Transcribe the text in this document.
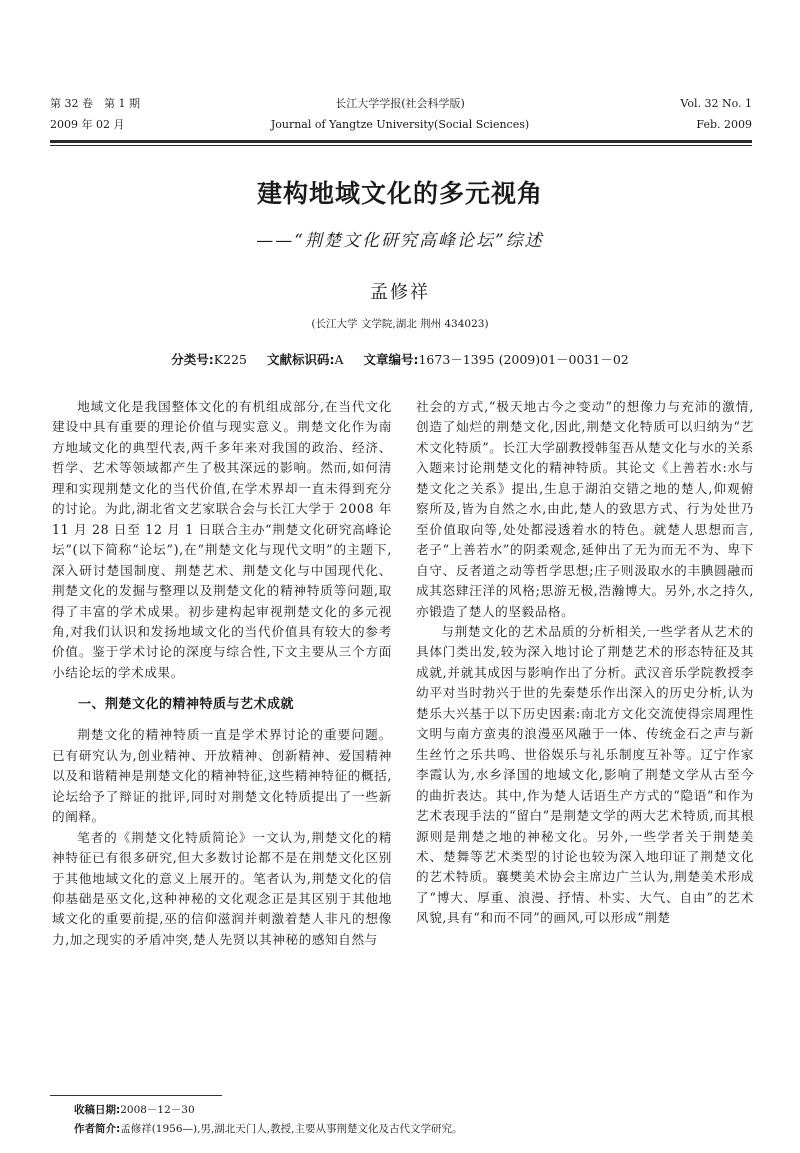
第 32 卷　第 1 期
2009 年 02 月
长江大学学报(社会科学版)
Journal of Yangtze University(Social Sciences)
Vol. 32 No. 1
Feb. 2009
建构地域文化的多元视角
——“荆楚文化研究高峰论坛”综述
孟修祥
(长江大学 文学院,湖北 荆州 434023)
分类号:K225 文献标识码:A 文章编号:1673－1395 (2009)01－0031－02

地域文化是我国整体文化的有机组成部分,在当代文化建设中具有重要的理论价值与现实意义。荆楚文化作为南方地域文化的典型代表,两千多年来对我国的政治、经济、哲学、艺术等领域都产生了极其深远的影响。然而,如何清理和实现荆楚文化的当代价值,在学术界却一直未得到充分的讨论。为此,湖北省文艺家联合会与长江大学于 2008 年 11 月 28 日至 12 月 1 日联合主办“荆楚文化研究高峰论坛”(以下简称“论坛”),在“荆楚文化与现代文明”的主题下,深入研讨楚国制度、荆楚艺术、荆楚文化与中国现代化、荆楚文化的发掘与整理以及荆楚文化的精神特质等问题,取得了丰富的学术成果。初步建构起审视荆楚文化的多元视角,对我们认识和发扬地域文化的当代价值具有较大的参考价值。鉴于学术讨论的深度与综合性,下文主要从三个方面小结论坛的学术成果。

一、荆楚文化的精神特质与艺术成就

荆楚文化的精神特质一直是学术界讨论的重要问题。已有研究认为,创业精神、开放精神、创新精神、爱国精神以及和谐精神是荆楚文化的精神特征,这些精神特征的概括,论坛给予了辩证的批评,同时对荆楚文化特质提出了一些新的阐释。

笔者的《荆楚文化特质简论》一文认为,荆楚文化的精神特征已有很多研究,但大多数讨论都不是在荆楚文化区别于其他地域文化的意义上展开的。笔者认为,荆楚文化的信仰基础是巫文化,这种神秘的文化观念正是其区别于其他地域文化的重要前提,巫的信仰滋润并刺激着楚人非凡的想像力,加之现实的矛盾冲突,楚人先贤以其神秘的感知自然与

社会的方式,“极天地古今之变动”的想像力与充沛的激情,创造了灿烂的荆楚文化,因此,荆楚文化特质可以归纳为“艺术文化特质”。长江大学副教授韩玺吾从楚文化与水的关系入题来讨论荆楚文化的精神特质。其论文《上善若水:水与楚文化之关系》提出,生息于湖泊交错之地的楚人,仰观俯察所及,皆为自然之水,由此,楚人的致思方式、行为处世乃至价值取向等,处处都浸透着水的特色。就楚人思想而言,老子“上善若水”的阴柔观念,延伸出了无为而无不为、卑下自守、反者道之动等哲学思想;庄子则汲取水的丰腆圆融而成其恣肆汪洋的风格;思游无极,浩瀚博大。另外,水之持久,亦锻造了楚人的坚毅品格。

与荆楚文化的艺术品质的分析相关,一些学者从艺术的具体门类出发,较为深入地讨论了荆楚艺术的形态特征及其成就,并就其成因与影响作出了分析。武汉音乐学院教授李幼平对当时勃兴于世的先秦楚乐作出深入的历史分析,认为楚乐大兴基于以下历史因素:南北方文化交流使得宗周理性文明与南方蛮夷的浪漫巫风融于一体、传统金石之声与新生丝竹之乐共鸣、世俗娱乐与礼乐制度互补等。辽宁作家李霞认为,水乡泽国的地域文化,影响了荆楚文学从古至今的曲折表达。其中,作为楚人话语生产方式的“隐语”和作为艺术表现手法的“留白”是荆楚文学的两大艺术特质,而其根源则是荆楚之地的神秘文化。另外,一些学者关于荆楚美术、楚舞等艺术类型的讨论也较为深入地印证了荆楚文化的艺术特质。襄樊美术协会主席边广兰认为,荆楚美术形成了“博大、厚重、浪漫、抒情、朴实、大气、自由”的艺术风貌,具有“和而不同”的画风,可以形成“荆楚

收稿日期:2008－12－30
作者简介:孟修祥(1956—),男,湖北天门人,教授,主要从事荆楚文化及古代文学研究。
